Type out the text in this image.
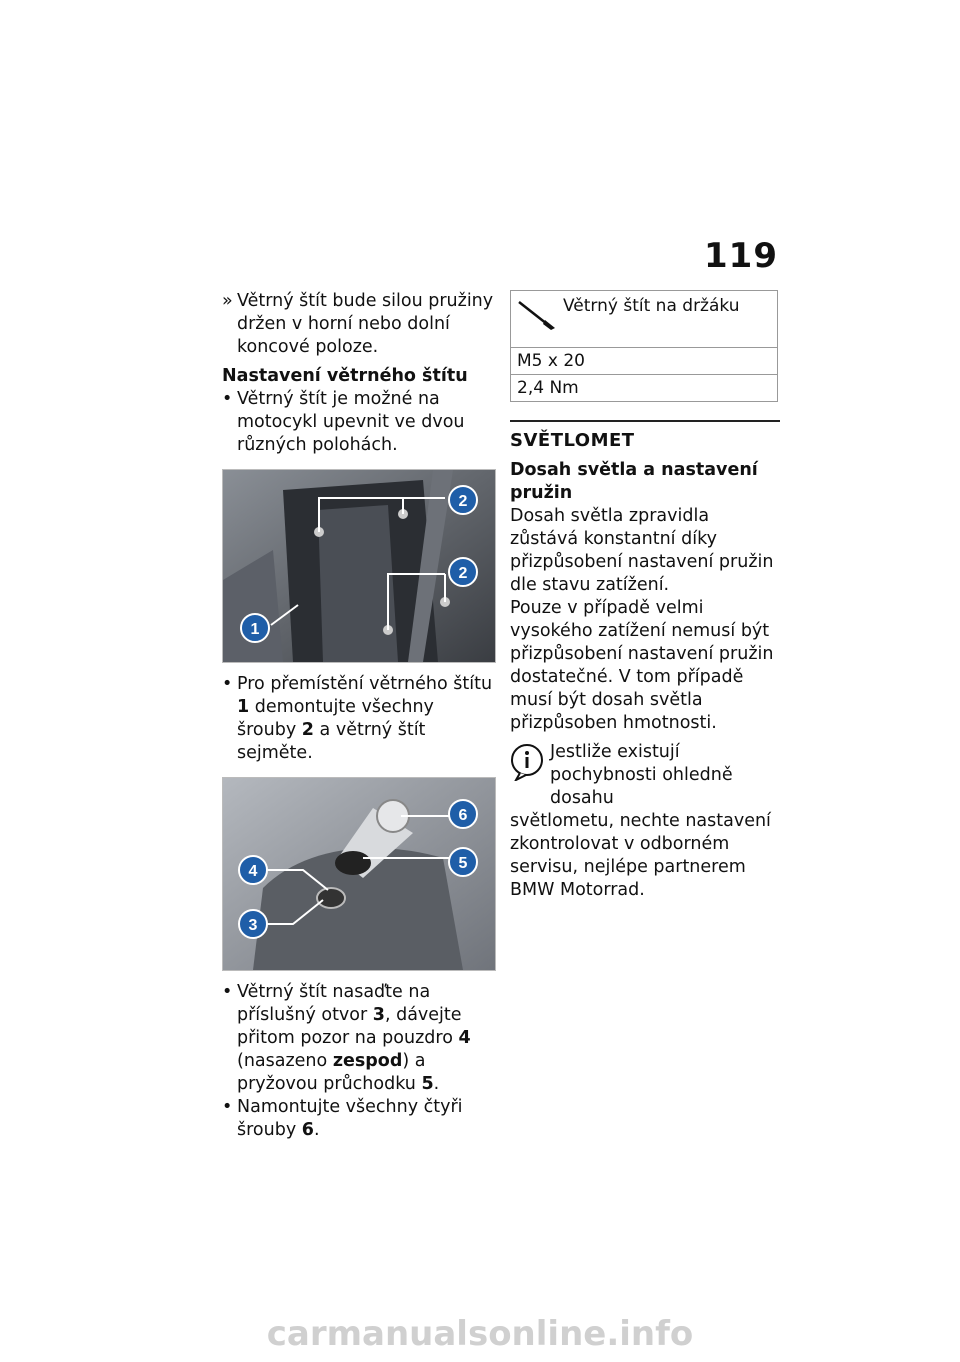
119

» Větrný štít bude silou pružiny držen v horní nebo dolní koncové poloze.

Nastavení větrného štítu

• Větrný štít je možné na motocykl upevnit ve dvou různých polohách.

2
2
1

• Pro přemístění větrného štítu 1 demontujte všechny šrouby 2 a větrný štít sejměte.

6
4	5
3

• Větrný štít nasaďte na příslušný otvor 3, dávejte přitom pozor na pouzdro 4 (nasazeno zespod) a pryžovou průchodku 5.

• Namontujte všechny čtyři šrouby 6.

Větrný štít na držáku
M5 x 20
2,4 Nm
SVĚTLOMET
Dosah světla a nastavení pružin

Dosah světla zpravidla zůstává konstantní díky přizpůsobení nastavení pružin dle stavu zatížení.

Pouze v případě velmi vysokého zatížení nemusí být přizpůsobení nastavení pružin dostatečné. V tom případě musí být dosah světla přizpůsoben hmotnosti.

Jestliže existují pochybnosti ohledně dosahu

světlometu, nechte nastavení zkontrolovat v odborném servisu, nejlépe partnerem BMW Motorrad.

carmanualsonline.info
